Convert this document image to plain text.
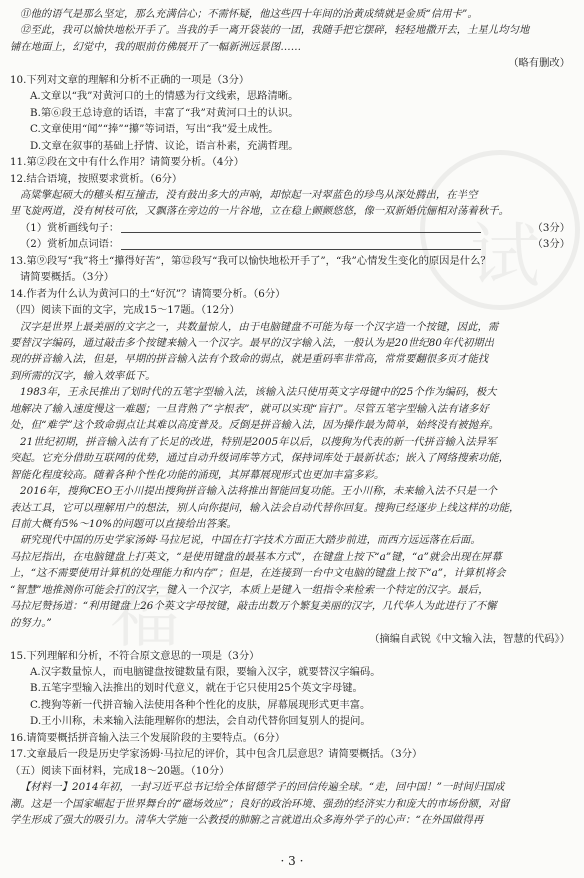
试
福
⑪他的语气是那么坚定，那么充满信心；不需怀疑，他这些四十年间的治黄成绩就是金质“信用卡”。
⑫至此，我可以愉快地松开手了。当我的手一离开袋装的一团，我随手把它摆碎，轻轻地撒开去，土星儿均匀地
铺在地面上，幻觉中，我的眼前仿佛展开了一幅新洲远景图……
（略有删改）
10.下列对文章的理解和分析不正确的一项是（3分）
A.文章以“我”对黄河口的土的情感为行文线索，思路清晰。
B.第⑥段王总诗意的话语，丰富了“我”对黄河口土的认识。
C.文章使用“闻”“捧”“攥”等词语，写出“我”爱土成性。
D.文章在叙事的基础上抒情、议论，语言朴素，充满哲理。
11.第②段在文中有什么作用？请简要分析。（4分）
12.结合语境，按照要求赏析。（6分）
高粱擎起硕大的穗头相互撞击，没有鼓出多大的声响，却惊起一对翠蓝色的珍鸟从深处腾出，在半空
里飞旋两道，没有树枝可依，又飘落在旁边的一片谷地，立在稳上颤颤悠悠，像一双新婚伉俪相对荡着秋千。
（1）赏析画线句子：	（3分）
（2）赏析加点词语：	（3分）
13.第⑨段写“我”将土“攥得好苦”，第⑫段写“我可以愉快地松开手了”，“我”心情发生变化的原因是什么？
请简要概括。（3分）
14.作者为什么认为黄河口的土“好沉”？请简要分析。（6分）
（四）阅读下面的文字，完成15～17题。（12分）
汉字是世界上最美丽的文字之一，共数量惊人，由于电脑键盘不可能为每一个汉字造一个按键，因此，需
要替汉字编码，通过敲击多个按键来输入一个汉字。最早的汉字输入法，一般认为是20世纪80年代初期出
现的拼音输入法，但是，早期的拼音输入法有个致命的弱点，就是重码率非常高，常常要翻很多页才能找
到所需的汉字，输入效率低下。
1983年，王永民推出了划时代的五笔字型输入法，该输入法只使用英文字母键中的25个作为编码，极大
地解决了输入速度慢这一难题；一旦背熟了“字根表”，就可以实现“盲打”。尽管五笔字型输入法有诸多好
处，但“难学”这个致命弱点让其难以高度普及。反倒是拼音输入法，因为操作最为简单，始终没有被抛弃。
21世纪初期，拼音输入法有了长足的改进，特别是2005年以后，以搜狗为代表的新一代拼音输入法异军
突起。它充分借助互联网的优势，通过自动升级词库等方式，保持词库处于最新状态；嵌入了网络搜索功能，
智能化程度较高。随着各种个性化功能的涌现，其屏幕展现形式也更加丰富多彩。
2016年，搜狗CEO王小川提出搜狗拼音输入法将推出智能回复功能。王小川称，未来输入法不只是一个
表达工具，它可以理解用户的想法，别人向你提问，输入法会自动代替你回复。搜狗已经逐步上线这样的功能，
目前大概有5%～10%的问题可以直接给出答案。
研究现代中国的历史学家汤姆·马拉尼说，中国在打字技术方面正大踏步前进，而西方远远落在后面。
马拉尼指出，在电脑键盘上打英文，“是使用键盘的最基本方式”，在键盘上按下“a”键，“a”就会出现在屏幕
上，“这不需要使用计算机的处理能力和内存”；但是，在连接到一台中文电脑的键盘上按下“a”，计算机将会
“智慧”地推测你可能会打的汉字，键入一个汉字，本质上是键入一组指令来检索一个特定的汉字。最后，
马拉尼赞扬道：“利用键盘上26个英文字母按键，敲击出数万个繁复美丽的汉字，几代华人为此进行了不懈
的努力。”
（摘编自武锐《中文输入法，智慧的代码》）
15.下列理解和分析，不符合原文意思的一项是（3分）
A.汉字数量惊人，而电脑键盘按键数量有限，要输入汉字，就要替汉字编码。
B.五笔字型输入法推出的划时代意义，就在于它只使用25个英文字母键。
C.搜狗等新一代拼音输入法使用各种个性化的皮肤，屏幕展现形式更丰富。
D.王小川称，未来输入法能理解你的想法，会自动代替你回复别人的提问。
16.请简要概括拼音输入法三个发展阶段的主要特点。（6分）
17.文章最后一段是历史学家汤姆·马拉尼的评价，其中包含几层意思？请简要概括。（3分）
（五）阅读下面材料，完成18～20题。（10分）
【材料一】2014年初，一封习近平总书记给全体留德学子的回信传遍全球。“走，回中国！”一时间归国成
潮。这是一个国家崛起于世界舞台的“磁场效应”；良好的政治环境、强劲的经济实力和庞大的市场份额，对留
学生形成了强大的吸引力。清华大学施一公教授的肺腑之言就道出众多海外学子的心声：“在外国做得再
· 3 ·
